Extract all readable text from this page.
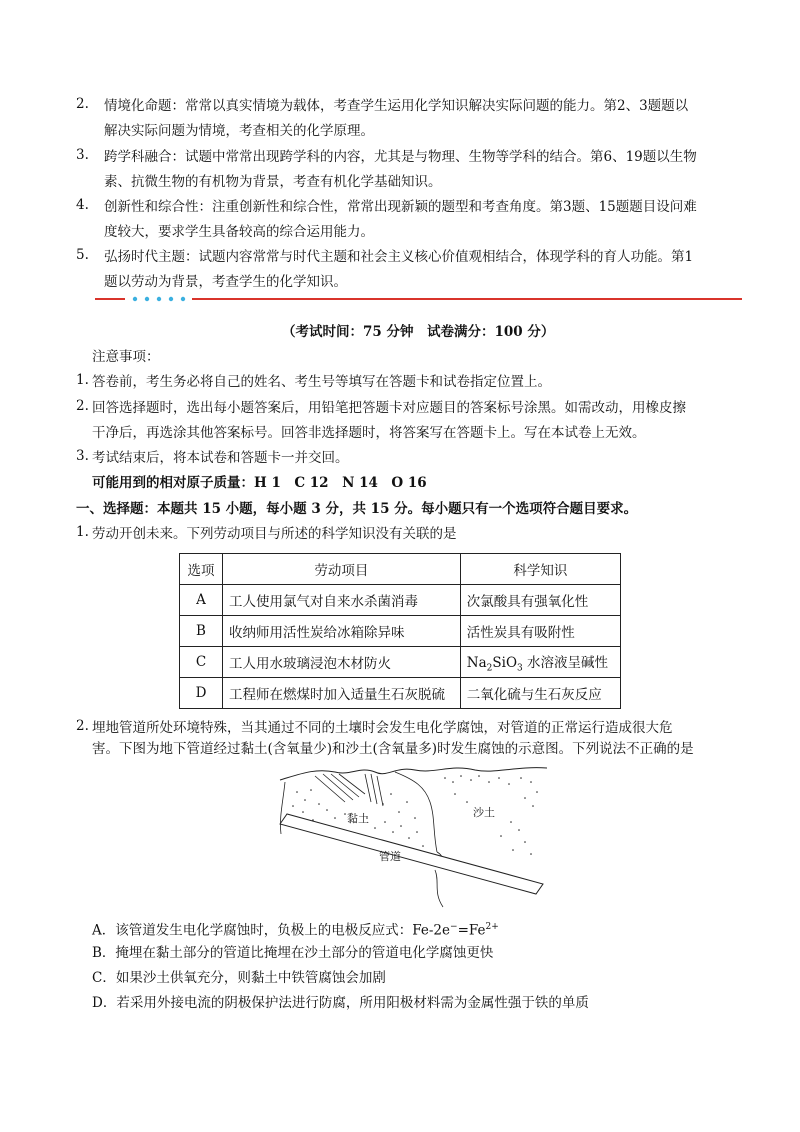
2. 情境化命题：常常以真实情境为载体，考查学生运用化学知识解决实际问题的能力。第2、3题题以
解决实际问题为情境，考查相关的化学原理。
3. 跨学科融合：试题中常常出现跨学科的内容，尤其是与物理、生物等学科的结合。第6、19题以生物
素、抗微生物的有机物为背景，考查有机化学基础知识。
4. 创新性和综合性：注重创新性和综合性，常常出现新颖的题型和考查角度。第3题、15题题目设问难
度较大，要求学生具备较高的综合运用能力。
5. 弘扬时代主题：试题内容常常与时代主题和社会主义核心价值观相结合，体现学科的育人功能。第1
题以劳动为背景，考查学生的化学知识。
（考试时间：75 分钟　试卷满分：100 分）
注意事项：
1. 答卷前，考生务必将自己的姓名、考生号等填写在答题卡和试卷指定位置上。
2. 回答选择题时，选出每小题答案后，用铅笔把答题卡对应题目的答案标号涂黑。如需改动，用橡皮擦
干净后，再选涂其他答案标号。回答非选择题时，将答案写在答题卡上。写在本试卷上无效。
3. 考试结束后，将本试卷和答题卡一并交回。
可能用到的相对原子质量：H 1　C 12　N 14　O 16
一、选择题：本题共 15 小题，每小题 3 分，共 15 分。每小题只有一个选项符合题目要求。
1. 劳动开创未来。下列劳动项目与所述的科学知识没有关联的是
选项	劳动项目	科学知识
A	工人使用氯气对自来水杀菌消毒	次氯酸具有强氧化性
B	收纳师用活性炭给冰箱除异味	活性炭具有吸附性
C	工人用水玻璃浸泡木材防火	$Na_2SiO_3$ 水溶液呈碱性
D	工程师在燃煤时加入适量生石灰脱硫	二氧化硫与生石灰反应
2. 埋地管道所处环境特殊，当其通过不同的土壤时会发生电化学腐蚀，对管道的正常运行造成很大危
害。下图为地下管道经过黏土(含氧量少)和沙土(含氧量多)时发生腐蚀的示意图。下列说法不正确的是
黏土	沙土
管道
A．该管道发生电化学腐蚀时，负极上的电极反应式：$Fe-2e^-=Fe^{2+}$
B．掩埋在黏土部分的管道比掩埋在沙土部分的管道电化学腐蚀更快
C．如果沙土供氧充分，则黏土中铁管腐蚀会加剧
D．若采用外接电流的阴极保护法进行防腐，所用阳极材料需为金属性强于铁的单质
